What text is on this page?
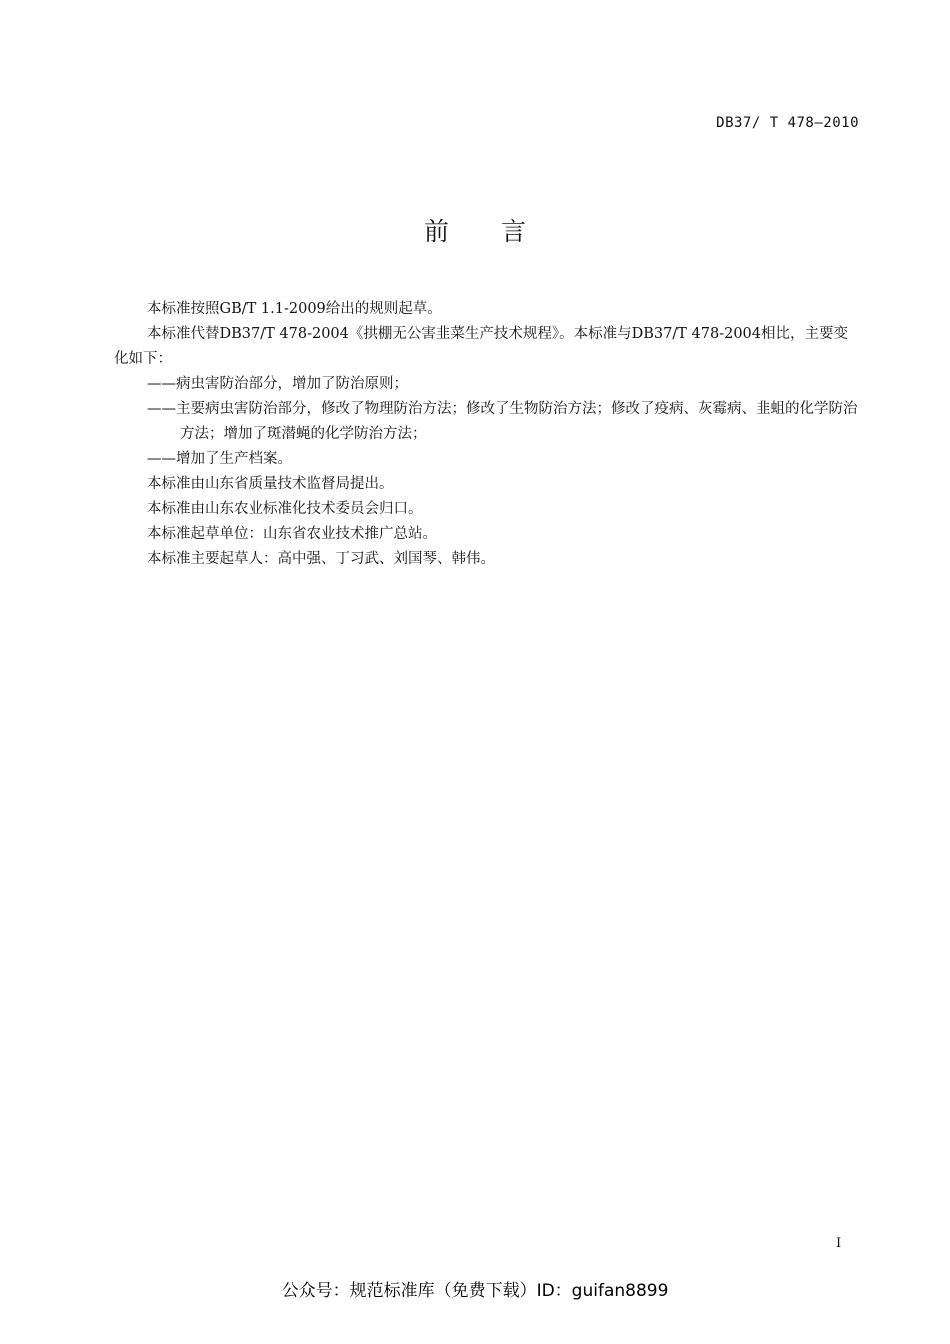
DB37/ T 478—2010
前言

本标准按照GB/T 1.1-2009给出的规则起草。

本标准代替DB37/T 478-2004《拱棚无公害韭菜生产技术规程》。本标准与DB37/T 478-2004相比，主要变化如下：

——病虫害防治部分，增加了防治原则；

——主要病虫害防治部分，修改了物理防治方法；修改了生物防治方法；修改了疫病、灰霉病、韭蛆的化学防治方法；增加了斑潜蝇的化学防治方法；

——增加了生产档案。

本标准由山东省质量技术监督局提出。

本标准由山东农业标准化技术委员会归口。

本标准起草单位：山东省农业技术推广总站。

本标准主要起草人：高中强、丁习武、刘国琴、韩伟。

I
公众号：规范标准库（免费下载）ID：guifan8899
